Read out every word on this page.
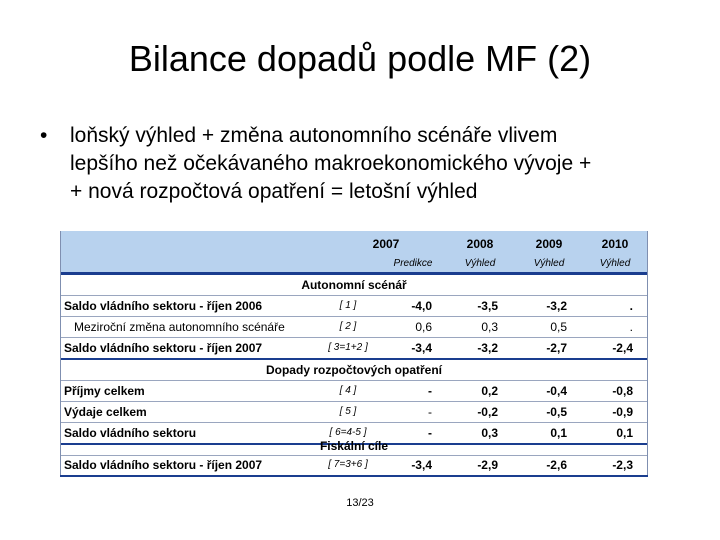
Bilance dopadů podle MF (2)
• loňský výhled + změna autonomního scénáře vlivem
lepšího než očekávaného makroekonomického vývoje +
+ nová rozpočtová opatření = letošní výhled
2007	2008	2009	2010
Predikce	Výhled	Výhled	Výhled
Autonomní scénář
Saldo vládního sektoru - říjen 2006	[ 1 ]	-4,0	-3,5	-3,2	.
Meziroční změna autonomního scénáře	[ 2 ]	0,6	0,3	0,5	.
Saldo vládního sektoru - říjen 2007	[ 3=1+2 ]	-3,4	-3,2	-2,7	-2,4
Dopady rozpočtových opatření
Příjmy celkem	[ 4 ]	-	0,2	-0,4	-0,8
Výdaje celkem	[ 5 ]	-	-0,2	-0,5	-0,9
Saldo vládního sektoru	[ 6=4-5 ]	-	0,3	0,1	0,1
Fiskální cíle
Saldo vládního sektoru - říjen 2007	[ 7=3+6 ]	-3,4	-2,9	-2,6	-2,3
13/23
